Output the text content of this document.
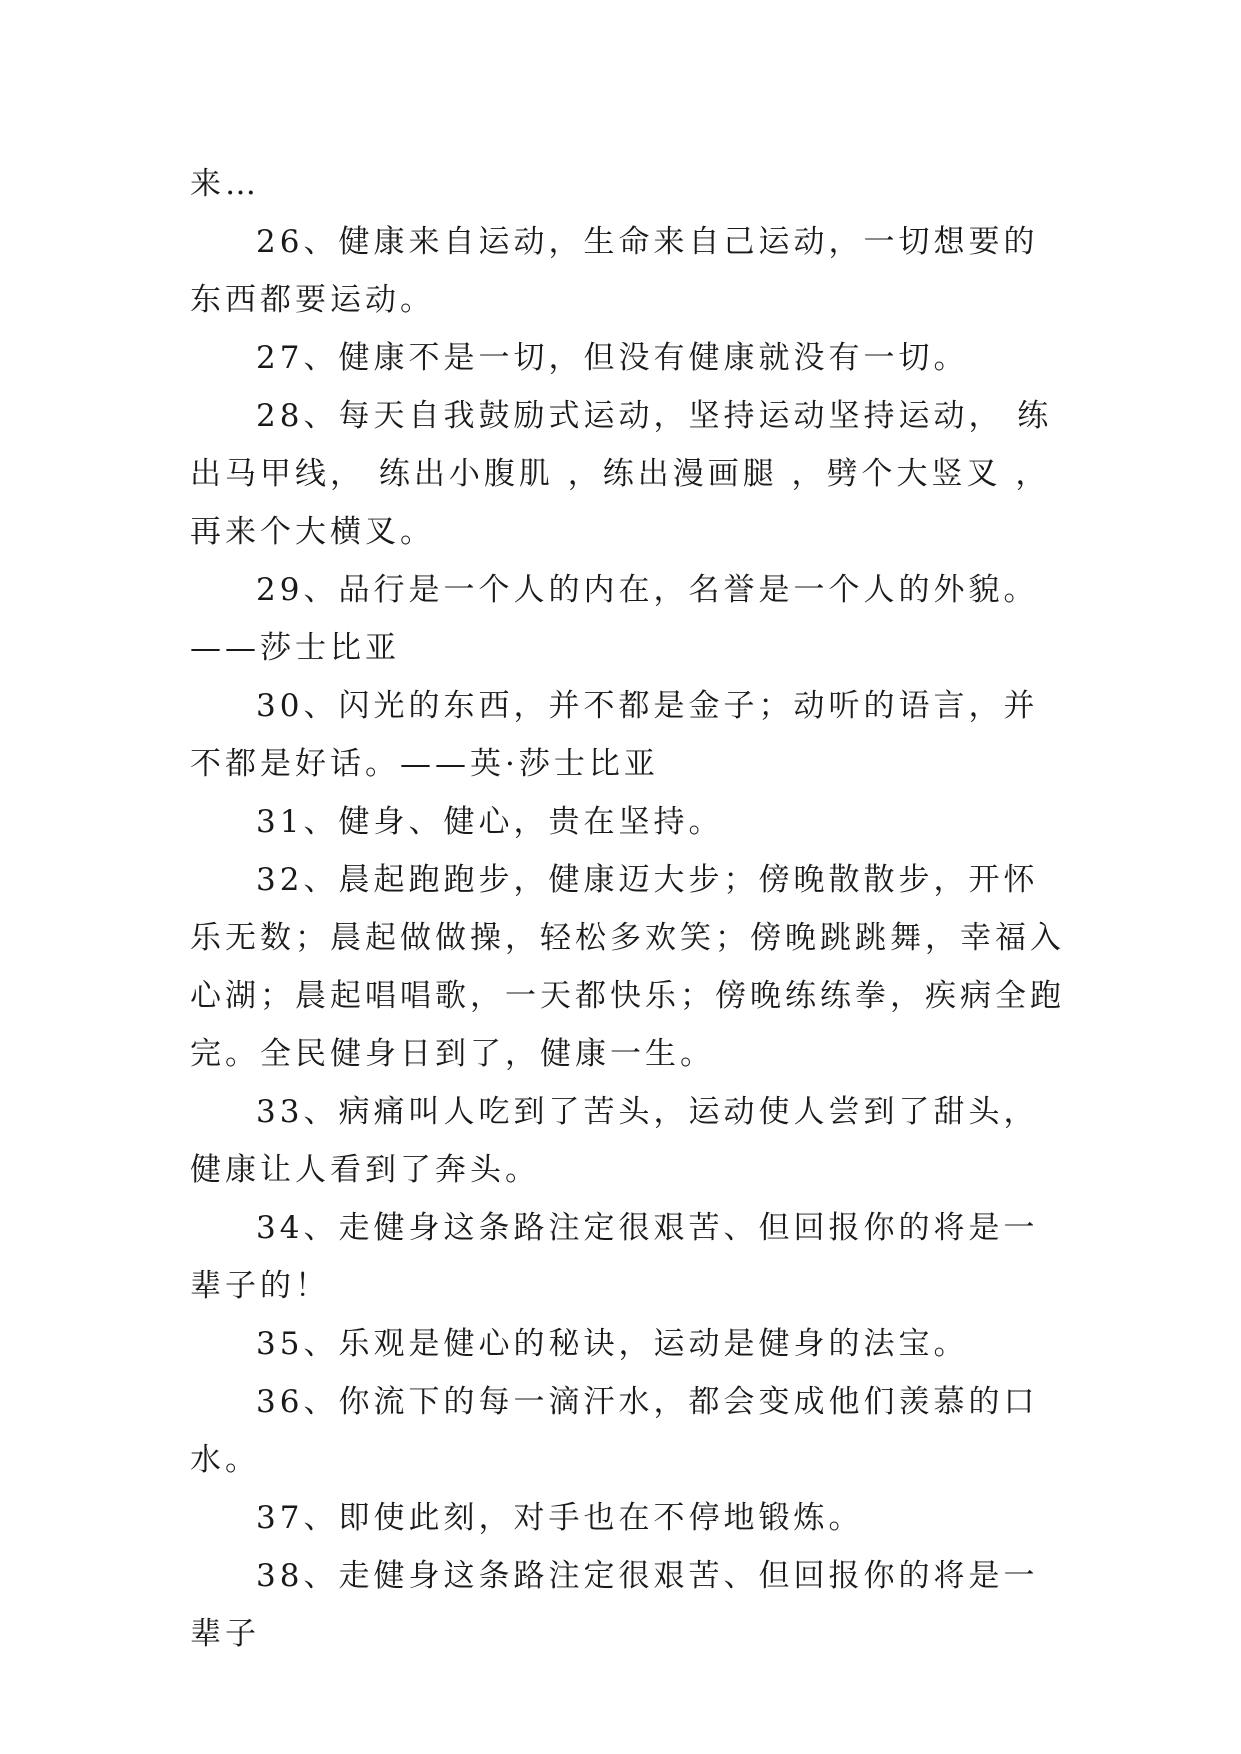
来…

26、健康来自运动，生命来自己运动，一切想要的东西都要运动。

27、健康不是一切，但没有健康就没有一切。

28、每天自我鼓励式运动，坚持运动坚持运动， 练出马甲线， 练出小腹肌 ，练出漫画腿 ，劈个大竖叉 ， 再来个大横叉。

29、品行是一个人的内在，名誉是一个人的外貌。——莎士比亚

30、闪光的东西，并不都是金子；动听的语言，并不都是好话。——英·莎士比亚

31、健身、健心，贵在坚持。

32、晨起跑跑步，健康迈大步；傍晚散散步，开怀乐无数；晨起做做操，轻松多欢笑；傍晚跳跳舞，幸福入心湖；晨起唱唱歌，一天都快乐；傍晚练练拳，疾病全跑完。全民健身日到了，健康一生。

33、病痛叫人吃到了苦头，运动使人尝到了甜头，健康让人看到了奔头。

34、走健身这条路注定很艰苦、但回报你的将是一辈子的！

35、乐观是健心的秘诀，运动是健身的法宝。

36、你流下的每一滴汗水，都会变成他们羡慕的口水。

37、即使此刻，对手也在不停地锻炼。

38、走健身这条路注定很艰苦、但回报你的将是一辈子
